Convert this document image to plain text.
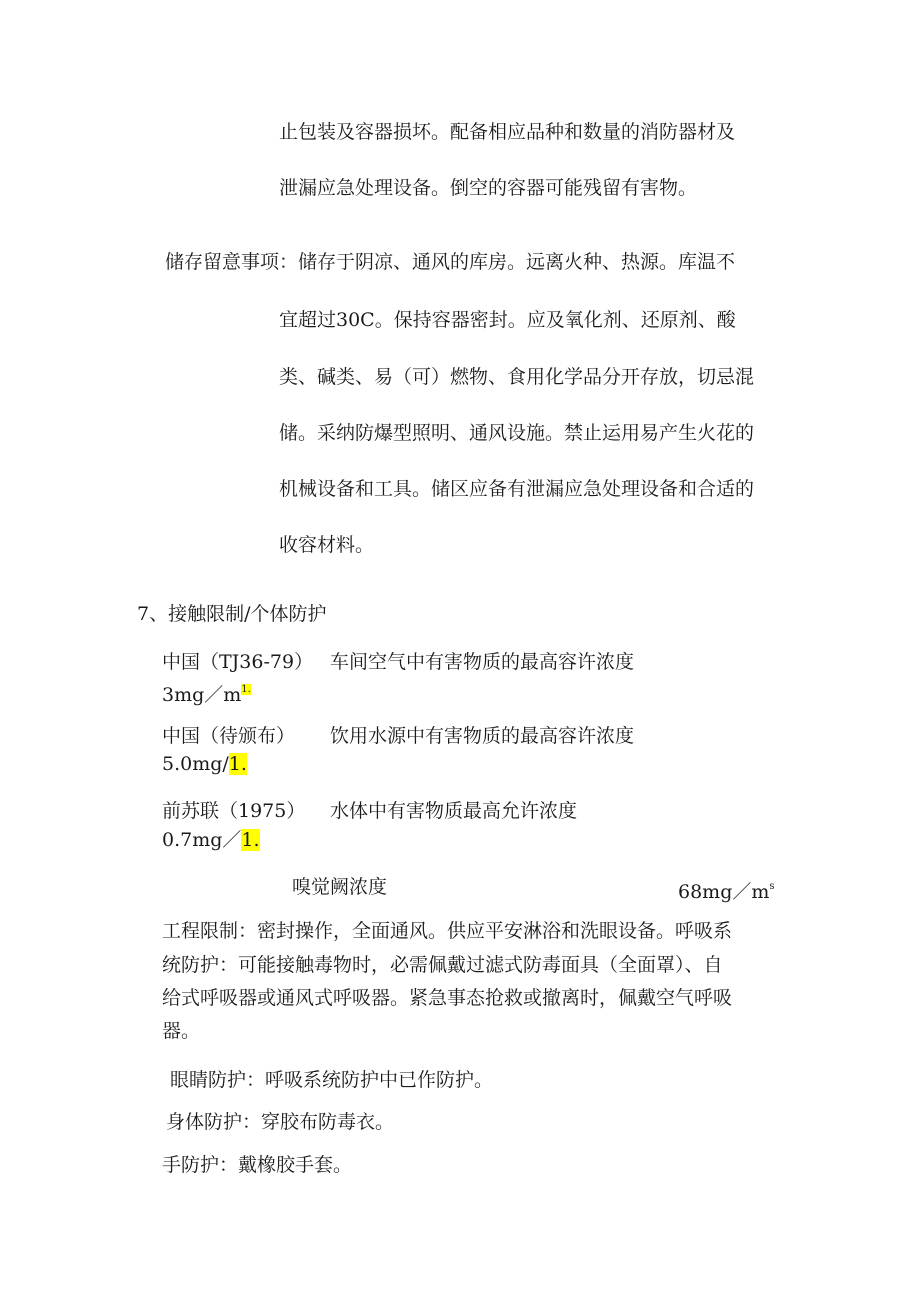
止包装及容器损坏。配备相应品种和数量的消防器材及
泄漏应急处理设备。倒空的容器可能残留有害物。
储存留意事项：储存于阴凉、通风的库房。远离火种、热源。库温不
宜超过30C。保持容器密封。应及氧化剂、还原剂、酸
类、碱类、易（可）燃物、食用化学品分开存放，切忌混
储。采纳防爆型照明、通风设施。禁止运用易产生火花的
机械设备和工具。储区应备有泄漏应急处理设备和合适的
收容材料。
7、接触限制/个体防护
中国（TJ36-79） 车间空气中有害物质的最高容许浓度
$3mg/m^{1.}$
中国（待颁布） 饮用水源中有害物质的最高容许浓度
5.0mg/1.
前苏联（1975） 水体中有害物质最高允许浓度
0.7mg／1.
嗅觉阙浓度	$68mg/m^s$
工程限制：密封操作，全面通风。供应平安淋浴和洗眼设备。呼吸系
统防护：可能接触毒物时，必需佩戴过滤式防毒面具（全面罩）、自
给式呼吸器或通风式呼吸器。紧急事态抢救或撤离时，佩戴空气呼吸
器。
眼睛防护：呼吸系统防护中已作防护。
身体防护：穿胶布防毒衣。
手防护：戴橡胶手套。
